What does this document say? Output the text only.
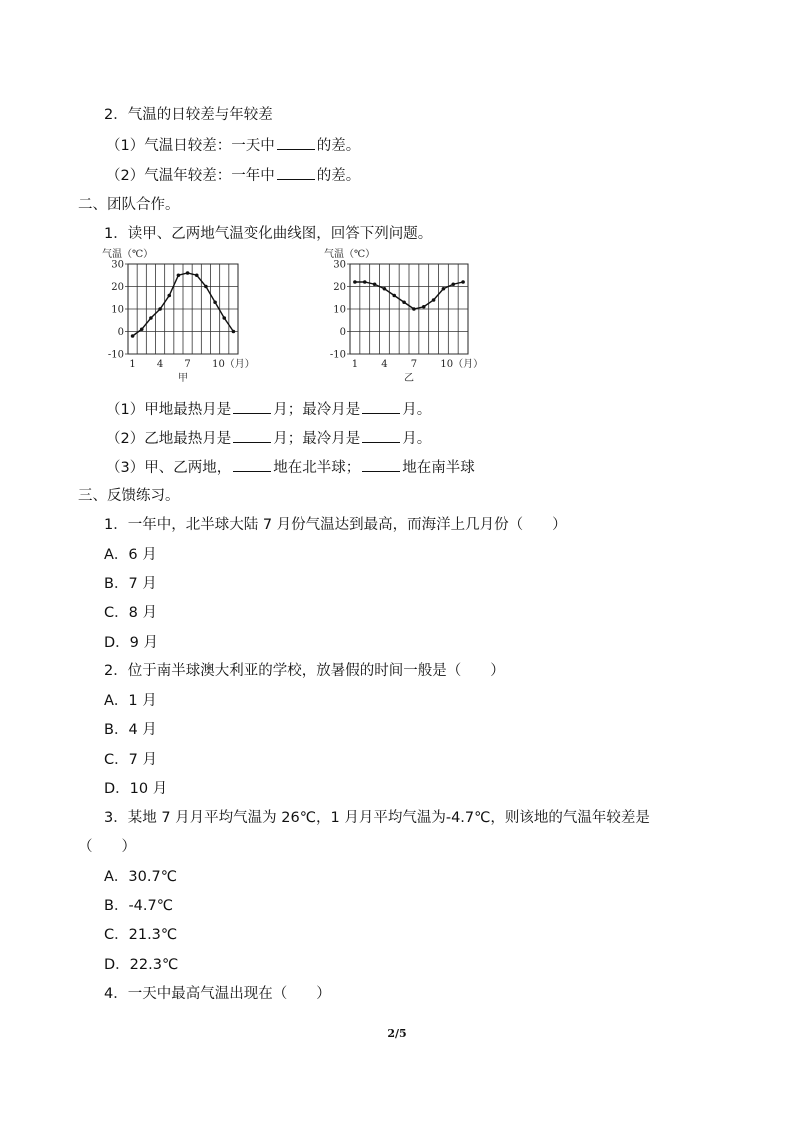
2．气温的日较差与年较差
（1）气温日较差：一天中	的差。
（2）气温年较差：一年中	的差。
二、团队合作。
1．读甲、乙两地气温变化曲线图，回答下列问题。
气温（℃）
30
20
10
0
-10
1 4 7 10（月）
甲
气温（℃）
30
20
10
0
-10
1 4 7 10（月）
乙
（1）甲地最热月是	月；最冷月是	月。
（2）乙地最热月是	月；最冷月是	月。
（3）甲、乙两地，	地在北半球；	地在南半球
三、反馈练习。
1．一年中，北半球大陆 7 月份气温达到最高，而海洋上几月份（　　）
A．6 月
B．7 月
C．8 月
D．9 月
2．位于南半球澳大利亚的学校，放暑假的时间一般是（　　）
A．1 月
B．4 月
C．7 月
D．10 月
3．某地 7 月月平均气温为 26℃，1 月月平均气温为-4.7℃，则该地的气温年较差是
（　　）
A．30.7℃
B．-4.7℃
C．21.3℃
D．22.3℃
4．一天中最高气温出现在（　　）
2/5
